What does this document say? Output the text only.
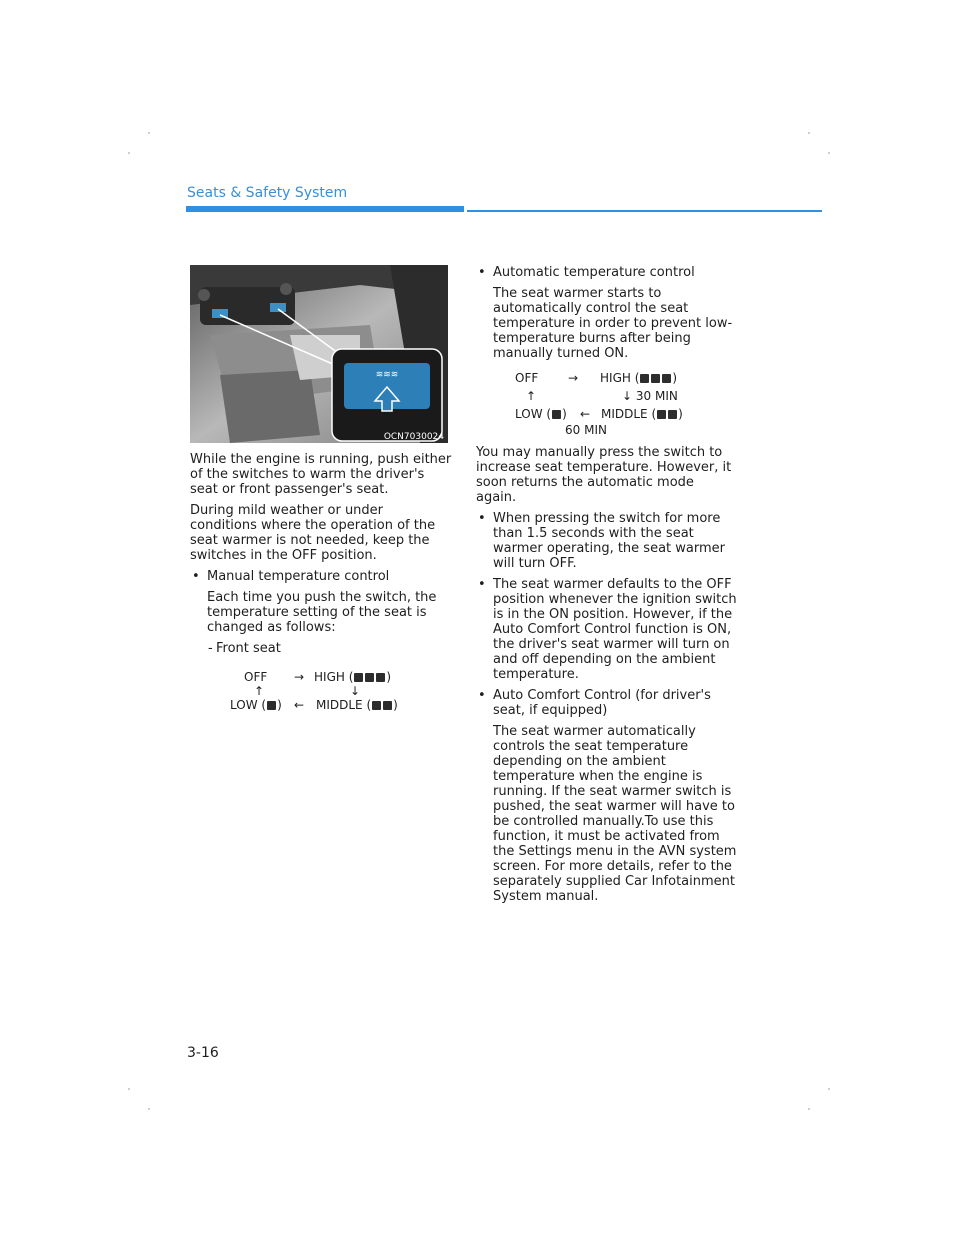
Seats & Safety System
≋≋≋
OCN7030024

While the engine is running, push either of the switches to warm the driver's seat or front passenger's seat.

During mild weather or under conditions where the operation of the seat warmer is not needed, keep the switches in the OFF position.

• Manual temperature control
Each time you push the switch, the temperature setting of the seat is changed as follows:
- Front seat
OFF → HIGH (	)
↑	↓
LOW ( ) ← MIDDLE ( )
• Automatic temperature control
The seat warmer starts to automatically control the seat temperature in order to prevent low-temperature burns after being manually turned ON.
OFF → HIGH (	)
↑	↓ 30 MIN
LOW ( ) ← MIDDLE ( )
60 MIN

You may manually press the switch to increase seat temperature. However, it soon returns the automatic mode again.

• When pressing the switch for more than 1.5 seconds with the seat warmer operating, the seat warmer will turn OFF.
• The seat warmer defaults to the OFF position whenever the ignition switch is in the ON position. However, if the Auto Comfort Control function is ON, the driver's seat warmer will turn on and off depending on the ambient temperature.
• Auto Comfort Control (for driver's seat, if equipped)
The seat warmer automatically controls the seat temperature depending on the ambient temperature when the engine is running. If the seat warmer switch is pushed, the seat warmer will have to be controlled manually.To use this function, it must be activated from the Settings menu in the AVN system screen. For more details, refer to the separately supplied Car Infotainment System manual.
3-16
